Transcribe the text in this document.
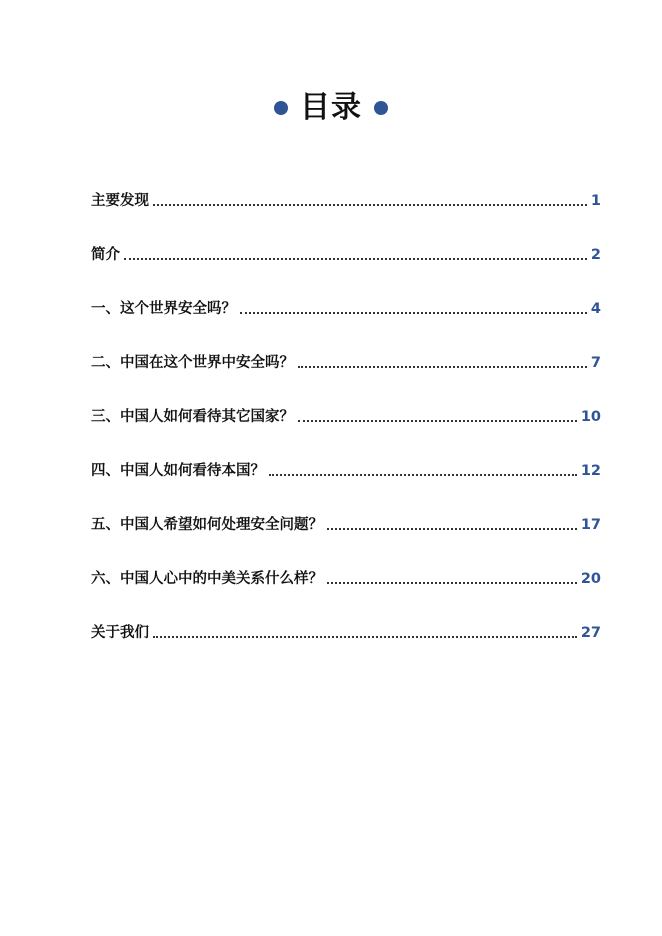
目录
主要发现	1
简介	2
一、这个世界安全吗？	4
二、中国在这个世界中安全吗？	7
三、中国人如何看待其它国家？	10
四、中国人如何看待本国？	12
五、中国人希望如何处理安全问题？	17
六、中国人心中的中美关系什么样？	20
关于我们	27
